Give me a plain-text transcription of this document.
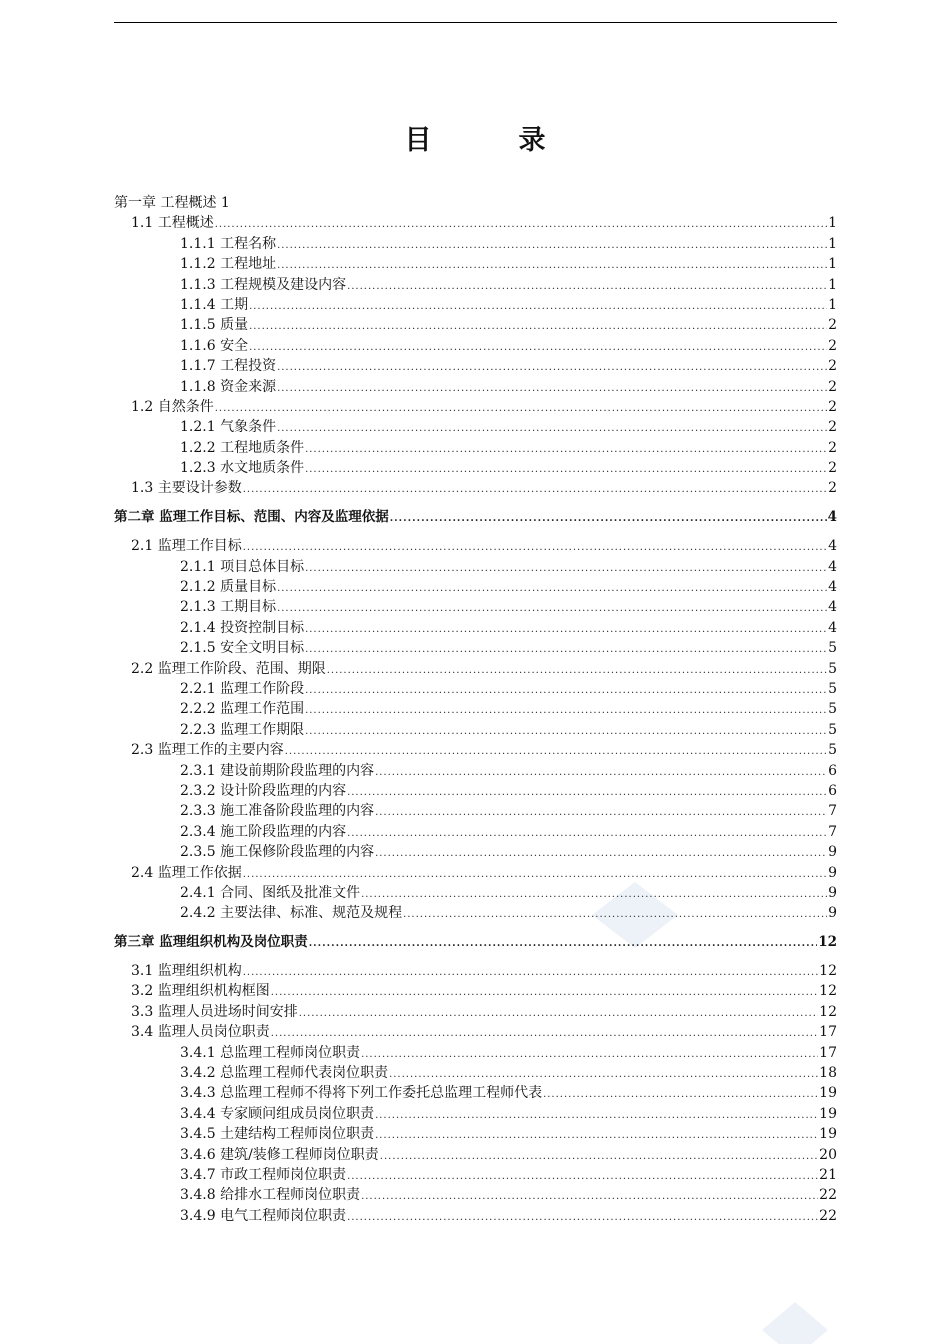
目　录
第一章 工程概述 1
1.1 工程概述 .....	1
1.1.1 工程名称 .....	1
1.1.2 工程地址 .....	1
1.1.3 工程规模及建设内容 .....	1
1.1.4 工期 .....	1
1.1.5 质量 .....	2
1.1.6 安全 .....	2
1.1.7 工程投资 .....	2
1.1.8 资金来源 .....	2
1.2 自然条件 .....	2
1.2.1 气象条件 .....	2
1.2.2 工程地质条件 .....	2
1.2.3 水文地质条件 .....	2
1.3 主要设计参数 .....	2
第二章 监理工作目标、范围、内容及监理依据 .....	4
2.1 监理工作目标 .....	4
2.1.1 项目总体目标 .....	4
2.1.2 质量目标 .....	4
2.1.3 工期目标 .....	4
2.1.4 投资控制目标 .....	4
2.1.5 安全文明目标 .....	5
2.2 监理工作阶段、范围、期限 .....	5
2.2.1 监理工作阶段 .....	5
2.2.2 监理工作范围 .....	5
2.2.3 监理工作期限 .....	5
2.3 监理工作的主要内容 .....	5
2.3.1 建设前期阶段监理的内容 .....	6
2.3.2 设计阶段监理的内容 .....	6
2.3.3 施工准备阶段监理的内容 .....	7
2.3.4 施工阶段监理的内容 .....	7
2.3.5 施工保修阶段监理的内容 .....	9
2.4 监理工作依据 .....	9
2.4.1 合同、图纸及批准文件 .....	9
2.4.2 主要法律、标准、规范及规程 .....	9
第三章 监理组织机构及岗位职责 .....	12
3.1 监理组织机构 .....	12
3.2 监理组织机构框图 .....	12
3.3 监理人员进场时间安排 .....	12
3.4 监理人员岗位职责 .....	17
3.4.1 总监理工程师岗位职责 .....	17
3.4.2 总监理工程师代表岗位职责 .....	18
3.4.3 总监理工程师不得将下列工作委托总监理工程师代表 .....	19
3.4.4 专家顾问组成员岗位职责 .....	19
3.4.5 土建结构工程师岗位职责 .....	19
3.4.6 建筑/装修工程师岗位职责 .....	20
3.4.7 市政工程师岗位职责 .....	21
3.4.8 给排水工程师岗位职责 .....	22
3.4.9 电气工程师岗位职责 .....	22
